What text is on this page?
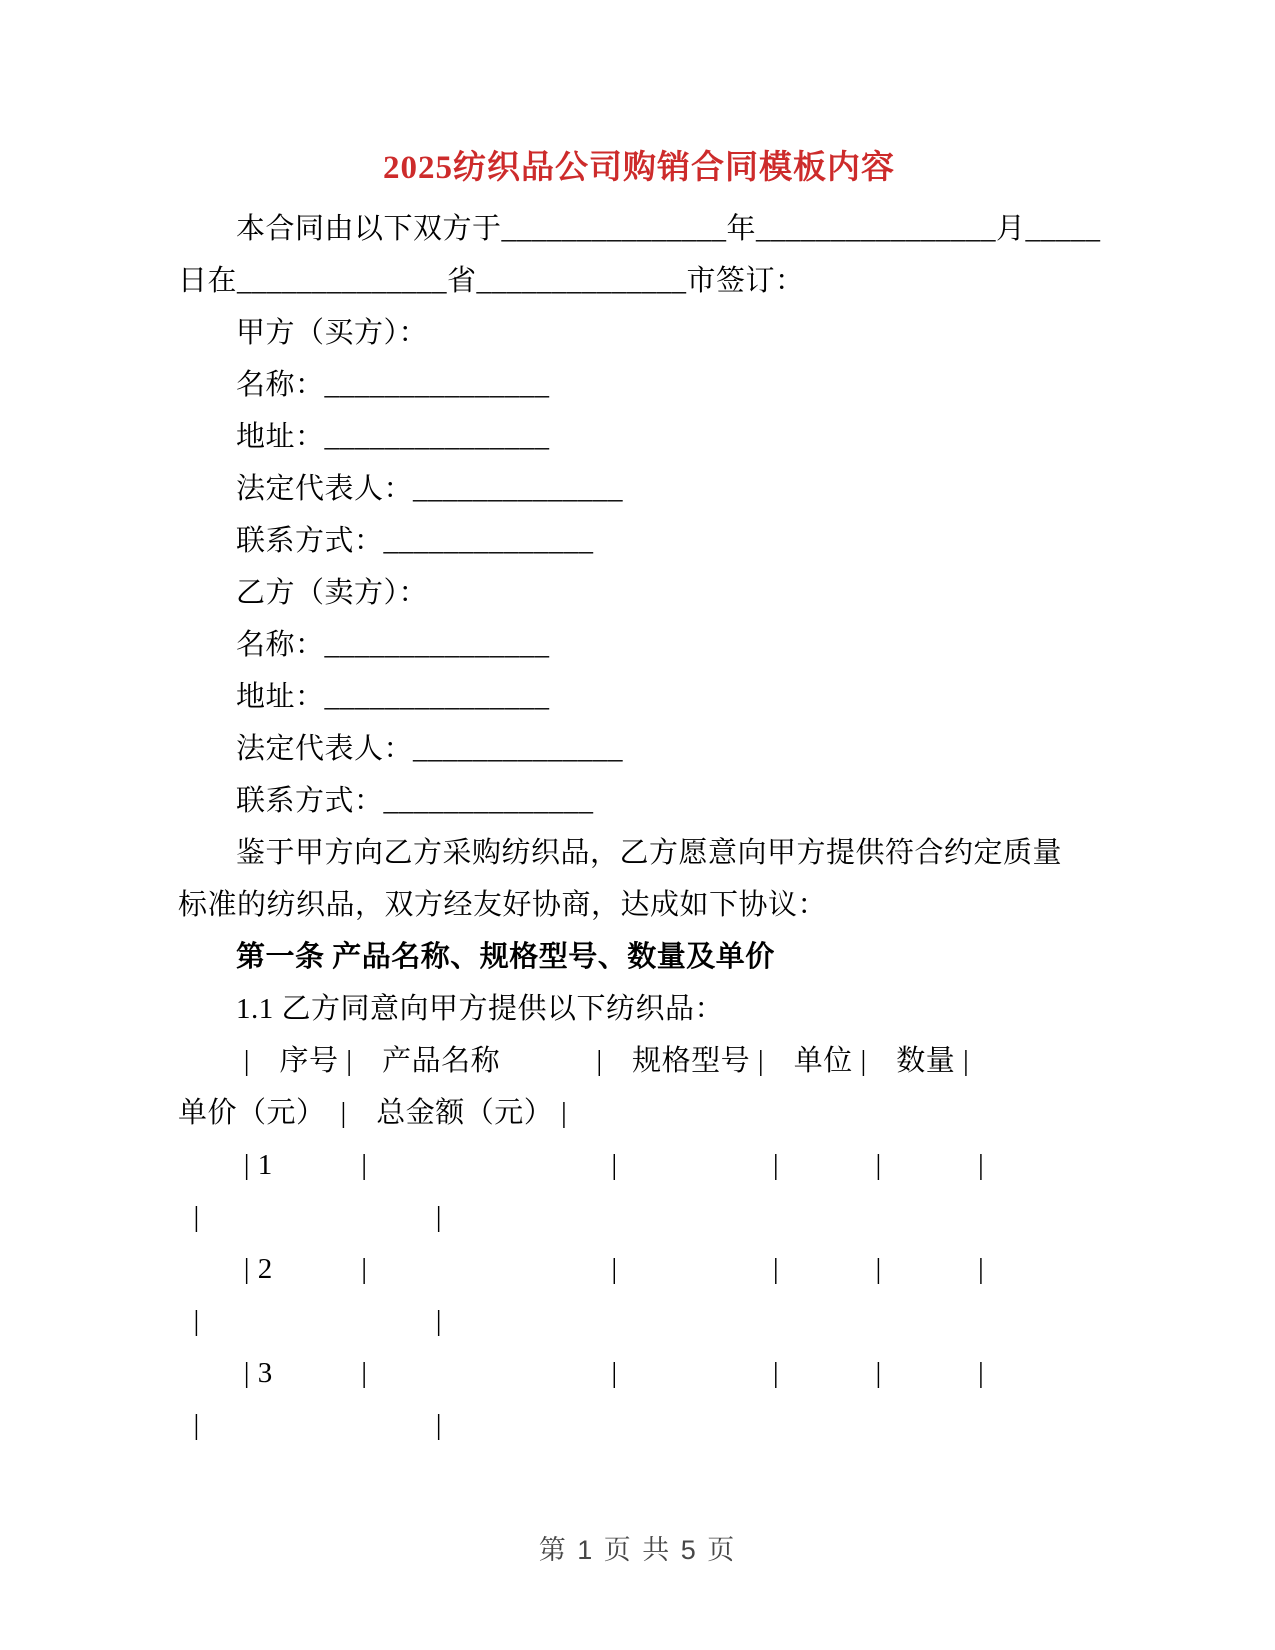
2025纺织品公司购销合同模板内容
本合同由以下双方于_______________年________________月_____
日在______________省______________市签订：
甲方（买方）：
名称：_______________
地址：_______________
法定代表人：______________
联系方式：______________
乙方（卖方）：
名称：_______________
地址：_______________
法定代表人：______________
联系方式：______________
鉴于甲方向乙方采购纺织品，乙方愿意向甲方提供符合约定质量
标准的纺织品，双方经友好协商，达成如下协议：
第一条 产品名称、规格型号、数量及单价
1.1 乙方同意向甲方提供以下纺织品：
|　序号 |　产品名称　　　 |　规格型号 |　单位 |　数量 |
单价（元）　|　总金额（元） |
| 1　　　|　　　　　　　　 |　　　　　 |　　　 |　　　 |
|　　　　　　　　|
| 2　　　|　　　　　　　　 |　　　　　 |　　　 |　　　 |
|　　　　　　　　|
| 3　　　|　　　　　　　　 |　　　　　 |　　　 |　　　 |
|　　　　　　　　|
第 1 页 共 5 页
